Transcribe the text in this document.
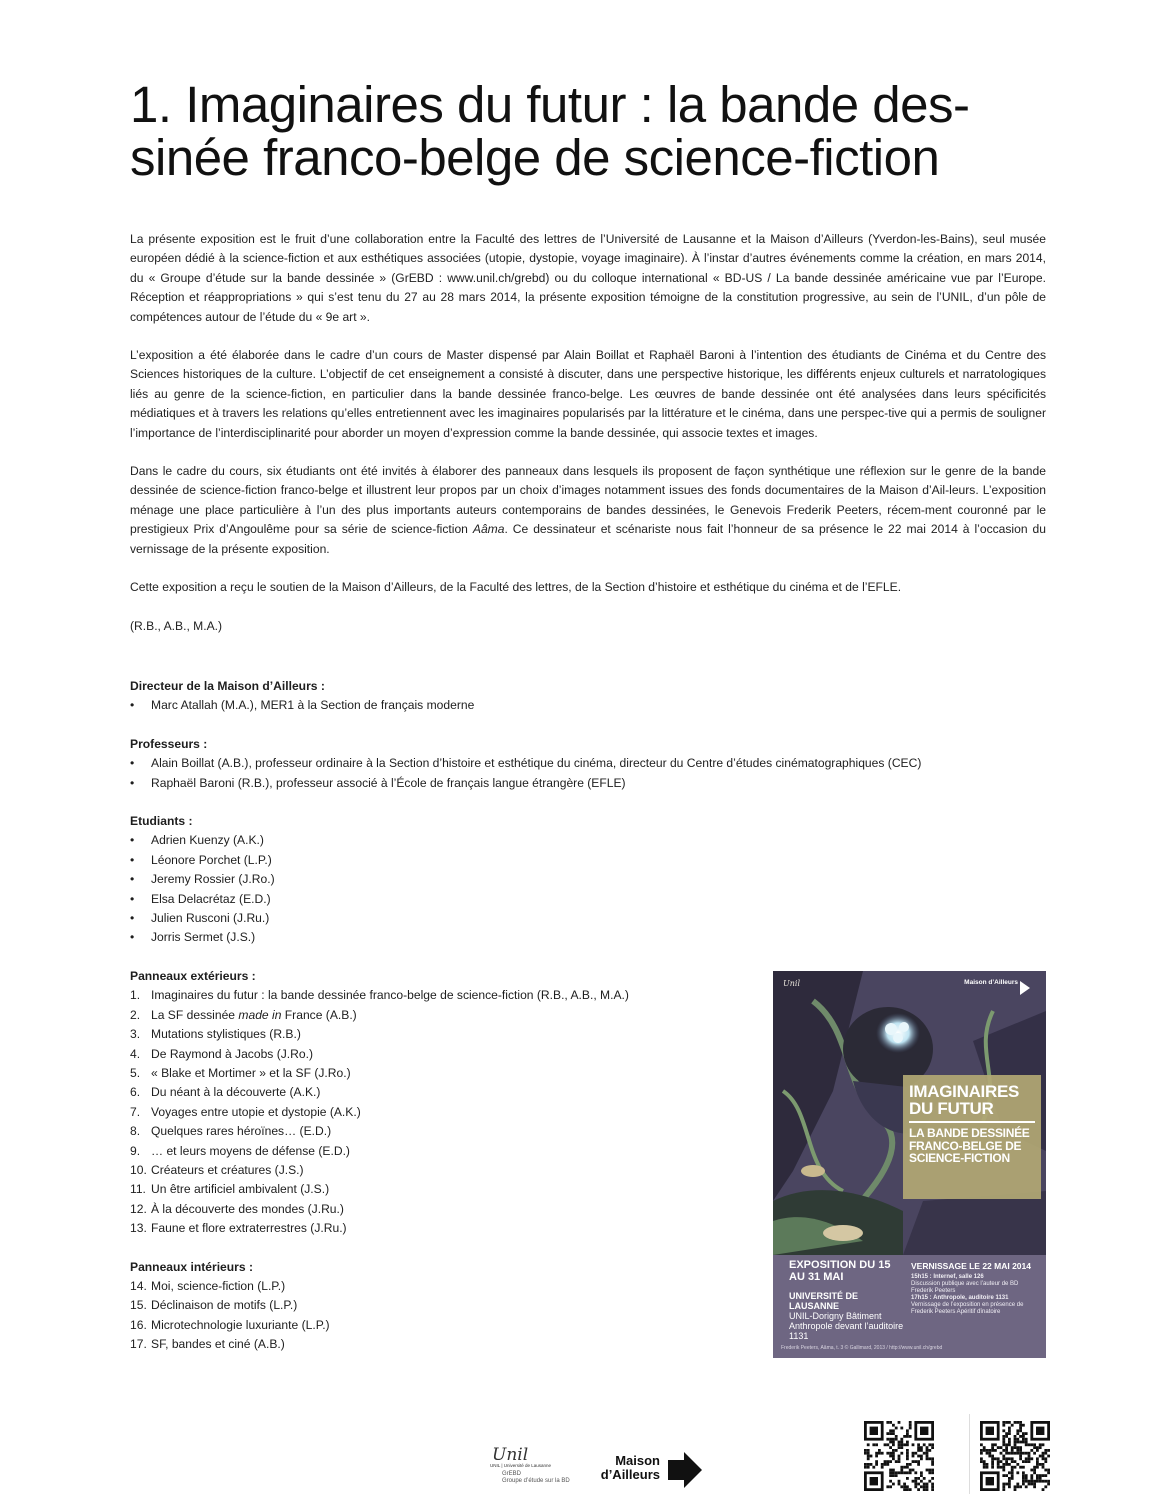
1. Imaginaires du futur : la bande des-
sinée franco-belge de science-fiction

La présente exposition est le fruit d’une collaboration entre la Faculté des lettres de l’Université de Lausanne et la Maison d’Ailleurs (Yverdon-les-Bains), seul musée européen dédié à la science-fiction et aux esthétiques associées (utopie, dystopie, voyage imaginaire). À l’instar d’autres événements comme la création, en mars 2014, du « Groupe d’étude sur la bande dessinée » (GrEBD : www.unil.ch/grebd) ou du colloque international « BD-US / La bande dessinée américaine vue par l’Europe. Réception et réappropriations » qui s’est tenu du 27 au 28 mars 2014, la présente exposition témoigne de la constitution progressive, au sein de l’UNIL, d’un pôle de compétences autour de l’étude du « 9e art ».

L’exposition a été élaborée dans le cadre d’un cours de Master dispensé par Alain Boillat et Raphaël Baroni à l’intention des étudiants de Cinéma et du Centre des Sciences historiques de la culture. L’objectif de cet enseignement a consisté à discuter, dans une perspective historique, les différents enjeux culturels et narratologiques liés au genre de la science-fiction, en particulier dans la bande dessinée franco-belge. Les œuvres de bande dessinée ont été analysées dans leurs spécificités médiatiques et à travers les relations qu’elles entretiennent avec les imaginaires popularisés par la littérature et le cinéma, dans une perspec-tive qui a permis de souligner l’importance de l’interdisciplinarité pour aborder un moyen d’expression comme la bande dessinée, qui associe textes et images.

Dans le cadre du cours, six étudiants ont été invités à élaborer des panneaux dans lesquels ils proposent de façon synthétique une réflexion sur le genre de la bande dessinée de science-fiction franco-belge et illustrent leur propos par un choix d’images notamment issues des fonds documentaires de la Maison d’Ail-leurs. L’exposition ménage une place particulière à l’un des plus importants auteurs contemporains de bandes dessinées, le Genevois Frederik Peeters, récem-ment couronné par le prestigieux Prix d’Angoulême pour sa série de science-fiction Aâma. Ce dessinateur et scénariste nous fait l’honneur de sa présence le 22 mai 2014 à l’occasion du vernissage de la présente exposition.

Cette exposition a reçu le soutien de la Maison d’Ailleurs, de la Faculté des lettres, de la Section d’histoire et esthétique du cinéma et de l’EFLE.

(R.B., A.B., M.A.)

Directeur de la Maison d’Ailleurs :

• Marc Atallah (M.A.), MER1 à la Section de français moderne

Professeurs :

• Alain Boillat (A.B.), professeur ordinaire à la Section d’histoire et esthétique du cinéma, directeur du Centre d’études cinématographiques (CEC)
• Raphaël Baroni (R.B.), professeur associé à l’École de français langue étrangère (EFLE)

Etudiants :

• Adrien Kuenzy (A.K.)
• Léonore Porchet (L.P.)
• Jeremy Rossier (J.Ro.)
• Elsa Delacrétaz (E.D.)
• Julien Rusconi (J.Ru.)
• Jorris Sermet (J.S.)

Panneaux extérieurs :

1. Imaginaires du futur : la bande dessinée franco-belge de science-fiction (R.B., A.B., M.A.)
2. La SF dessinée made in France (A.B.)
3. Mutations stylistiques (R.B.)
4. De Raymond à Jacobs (J.Ro.)
5. « Blake et Mortimer » et la SF (J.Ro.)
6. Du néant à la découverte (A.K.)
7. Voyages entre utopie et dystopie (A.K.)
8. Quelques rares héroïnes… (E.D.)
9. … et leurs moyens de défense (E.D.)
10. Créateurs et créatures (J.S.)
11. Un être artificiel ambivalent (J.S.)
12. À la découverte des mondes (J.Ru.)
13. Faune et flore extraterrestres (J.Ru.)

Panneaux intérieurs :

14. Moi, science-fiction (L.P.)
15. Déclinaison de motifs (L.P.)
16. Microtechnologie luxuriante (L.P.)
17. SF, bandes et ciné (A.B.)
Unil	Maison d’Ailleurs

IMAGINAIRES DU FUTUR

LA BANDE DESSINÉE FRANCO-BELGE DE SCIENCE-FICTION

EXPOSITION DU 15 AU 31 MAI
UNIVERSITÉ DE LAUSANNE
UNIL-Dorigny Bâtiment Anthropole devant l’auditoire 1131
VERNISSAGE LE 22 MAI 2014
15h15 : Internef, salle 126
Discussion publique avec l’auteur de BD Frederik Peeters
17h15 : Anthropole, auditoire 1131
Vernissage de l’exposition en présence de Frederik Peeters Apéritif dînatoire
Frederik Peeters, Aâma, t. 3 © Gallimard, 2013 / http://www.unil.ch/grebd
Unil
UNIL | Université de Lausanne
GrEBD
Groupe d’étude sur la BD
Maison
d’Ailleurs
